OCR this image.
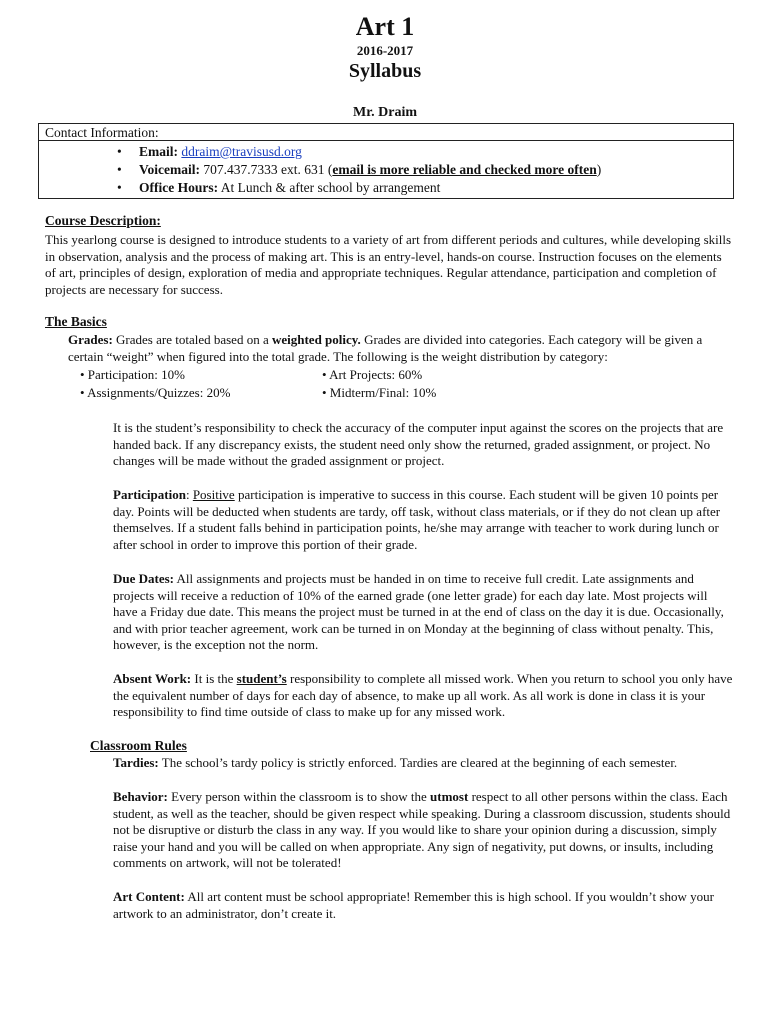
Art 1
2016-2017
Syllabus
Mr. Draim
Contact Information:
• Email: ddraim@travisusd.org
• Voicemail: 707.437.7333 ext. 631 (email is more reliable and checked more often)
• Office Hours: At Lunch & after school by arrangement
Course Description:
This yearlong course is designed to introduce students to a variety of art from different periods and cultures, while developing skills in observation, analysis and the process of making art. This is an entry-level, hands-on course. Instruction focuses on the elements of art, principles of design, exploration of media and appropriate techniques. Regular attendance, participation and completion of projects are necessary for success.
The Basics
Grades: Grades are totaled based on a weighted policy. Grades are divided into categories. Each category will be given a certain “weight” when figured into the total grade. The following is the weight distribution by category:
• Participation: 10%	• Art Projects: 60%
• Assignments/Quizzes: 20%	• Midterm/Final: 10%
It is the student’s responsibility to check the accuracy of the computer input against the scores on the projects that are handed back. If any discrepancy exists, the student need only show the returned, graded assignment, or project. No changes will be made without the graded assignment or project.
Participation: Positive participation is imperative to success in this course. Each student will be given 10 points per day. Points will be deducted when students are tardy, off task, without class materials, or if they do not clean up after themselves. If a student falls behind in participation points, he/she may arrange with teacher to work during lunch or after school in order to improve this portion of their grade.
Due Dates: All assignments and projects must be handed in on time to receive full credit. Late assignments and projects will receive a reduction of 10% of the earned grade (one letter grade) for each day late. Most projects will have a Friday due date. This means the project must be turned in at the end of class on the day it is due. Occasionally, and with prior teacher agreement, work can be turned in on Monday at the beginning of class without penalty. This, however, is the exception not the norm.
Absent Work: It is the student’s responsibility to complete all missed work. When you return to school you only have the equivalent number of days for each day of absence, to make up all work. As all work is done in class it is your responsibility to find time outside of class to make up for any missed work.
Classroom Rules
Tardies: The school’s tardy policy is strictly enforced. Tardies are cleared at the beginning of each semester.
Behavior: Every person within the classroom is to show the utmost respect to all other persons within the class. Each student, as well as the teacher, should be given respect while speaking. During a classroom discussion, students should not be disruptive or disturb the class in any way. If you would like to share your opinion during a discussion, simply raise your hand and you will be called on when appropriate. Any sign of negativity, put downs, or insults, including comments on artwork, will not be tolerated!
Art Content: All art content must be school appropriate! Remember this is high school. If you wouldn’t show your artwork to an administrator, don’t create it.
